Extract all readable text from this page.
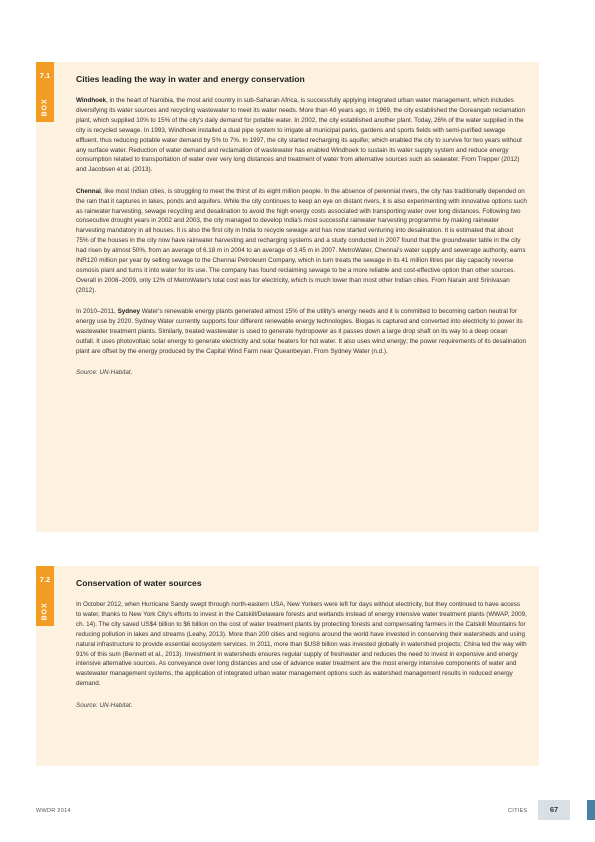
7.1
BOX
Cities leading the way in water and energy conservation

Windhoek, in the heart of Namibia, the most arid country in sub-Saharan Africa, is successfully applying integrated urban water management, which includes diversifying its water sources and recycling wastewater to meet its water needs. More than 40 years ago, in 1969, the city established the Goreangab reclamation plant, which supplied 10% to 15% of the city's daily demand for potable water. In 2002, the city established another plant. Today, 26% of the water supplied in the city is recycled sewage. In 1993, Windhoek installed a dual pipe system to irrigate all municipal parks, gardens and sports fields with semi-purified sewage effluent, thus reducing potable water demand by 5% to 7%. In 1997, the city started recharging its aquifer, which enabled the city to survive for two years without any surface water. Reduction of water demand and reclamation of wastewater has enabled Windhoek to sustain its water supply system and reduce energy consumption related to transportation of water over very long distances and treatment of water from alternative sources such as seawater. From Trepper (2012) and Jacobsen et al. (2013).

Chennai, like most Indian cities, is struggling to meet the thirst of its eight million people. In the absence of perennial rivers, the city has traditionally depended on the rain that it captures in lakes, ponds and aquifers. While the city continues to keep an eye on distant rivers, it is also experimenting with innovative options such as rainwater harvesting, sewage recycling and desalination to avoid the high energy costs associated with transporting water over long distances. Following two consecutive drought years in 2002 and 2003, the city managed to develop India's most successful rainwater harvesting programme by making rainwater harvesting mandatory in all houses. It is also the first city in India to recycle sewage and has now started venturing into desalination. It is estimated that about 75% of the houses in the city now have rainwater harvesting and recharging systems and a study conducted in 2007 found that the groundwater table in the city had risen by almost 50%, from an average of 6.18 m in 2004 to an average of 3.45 m in 2007. MetroWater, Chennai's water supply and sewerage authority, earns INR120 million per year by selling sewage to the Chennai Petroleum Company, which in turn treats the sewage in its 41 million litres per day capacity reverse osmosis plant and turns it into water for its use. The company has found reclaiming sewage to be a more reliable and cost-effective option than other sources. Overall in 2008–2009, only 12% of MetroWater's total cost was for electricity, which is much lower than most other Indian cities. From Narain and Srinivasan (2012).

In 2010–2011, Sydney Water's renewable energy plants generated almost 15% of the utility's energy needs and it is committed to becoming carbon neutral for energy use by 2020. Sydney Water currently supports four different renewable energy technologies. Biogas is captured and converted into electricity to power its wastewater treatment plants. Similarly, treated wastewater is used to generate hydropower as it passes down a large drop shaft on its way to a deep ocean outfall. It uses photovoltaic solar energy to generate electricity and solar heaters for hot water. It also uses wind energy; the power requirements of its desalination plant are offset by the energy produced by the Capital Wind Farm near Queanbeyan. From Sydney Water (n.d.).

Source: UN-Habitat.

7.2
BOX
Conservation of water sources

In October 2012, when Hurricane Sandy swept through north-eastern USA, New Yorkers were left for days without electricity, but they continued to have access to water, thanks to New York City's efforts to invest in the Catskill/Delaware forests and wetlands instead of energy intensive water treatment plants (WWAP, 2009, ch. 14). The city saved US$4 billion to $6 billion on the cost of water treatment plants by protecting forests and compensating farmers in the Catskill Mountains for reducing pollution in lakes and streams (Leahy, 2013). More than 200 cities and regions around the world have invested in conserving their watersheds and using natural infrastructure to provide essential ecosystem services. In 2011, more than $US8 billion was invested globally in watershed projects; China led the way with 91% of this sum (Bennett et al., 2013). Investment in watersheds ensures regular supply of freshwater and reduces the need to invest in expensive and energy intensive alternative sources. As conveyance over long distances and use of advance water treatment are the most energy intensive components of water and wastewater management systems, the application of integrated urban water management options such as watershed management results in reduced energy demand.

Source: UN-Habitat.

WWDR 2014	CITIES	67
